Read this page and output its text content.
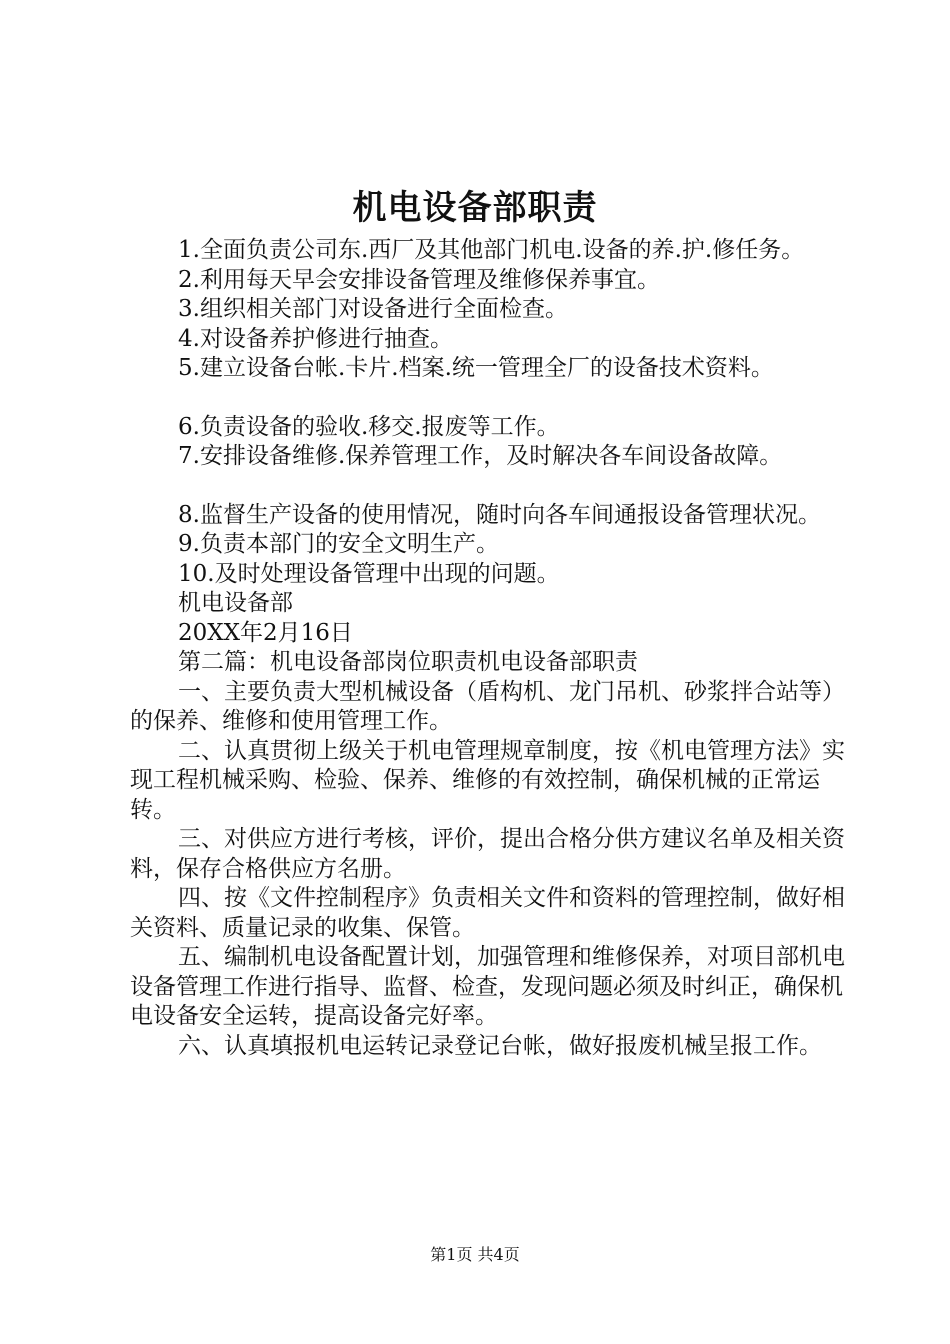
机电设备部职责

1.全面负责公司东.西厂及其他部门机电.设备的养.护.修任务。

2.利用每天早会安排设备管理及维修保养事宜。

3.组织相关部门对设备进行全面检查。

4.对设备养护修进行抽查。

5.建立设备台帐.卡片.档案.统一管理全厂的设备技术资料。

6.负责设备的验收.移交.报废等工作。

7.安排设备维修.保养管理工作，及时解决各车间设备故障。

8.监督生产设备的使用情况，随时向各车间通报设备管理状况。

9.负责本部门的安全文明生产。

10.及时处理设备管理中出现的问题。

机电设备部

20XX年2月16日

第二篇：机电设备部岗位职责机电设备部职责

一、主要负责大型机械设备（盾构机、龙门吊机、砂浆拌合站等）的保养、维修和使用管理工作。

二、认真贯彻上级关于机电管理规章制度，按《机电管理方法》实现工程机械采购、检验、保养、维修的有效控制，确保机械的正常运转。

三、对供应方进行考核，评价，提出合格分供方建议名单及相关资料，保存合格供应方名册。

四、按《文件控制程序》负责相关文件和资料的管理控制，做好相关资料、质量记录的收集、保管。

五、编制机电设备配置计划，加强管理和维修保养，对项目部机电设备管理工作进行指导、监督、检查，发现问题必须及时纠正，确保机电设备安全运转，提高设备完好率。

六、认真填报机电运转记录登记台帐，做好报废机械呈报工作。

第1页 共4页
